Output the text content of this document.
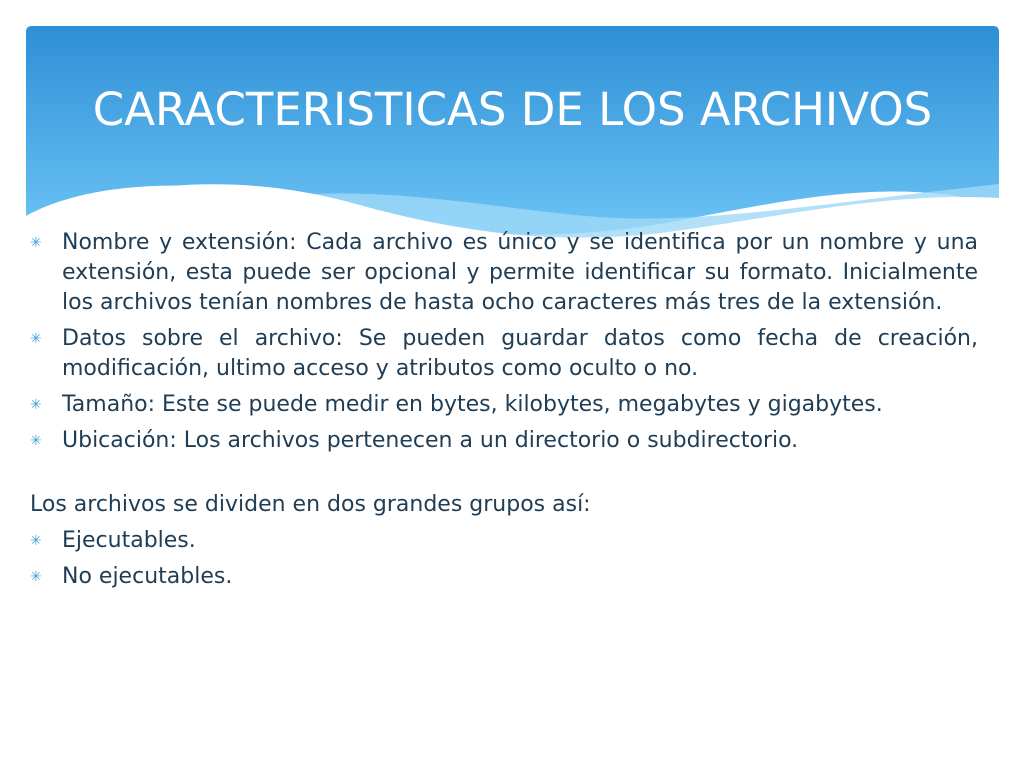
CARACTERISTICAS DE LOS ARCHIVOS
✳ Nombre y extensión: Cada archivo es único y se identifica por un nombre y una extensión, esta puede ser opcional y permite identificar su formato. Inicialmente los archivos tenían nombres de hasta ocho caracteres más tres de la extensión.
✳ Datos sobre el archivo: Se pueden guardar datos como fecha de creación, modificación, ultimo acceso y atributos como oculto o no.
✳ Tamaño: Este se puede medir en bytes, kilobytes, megabytes y gigabytes.
✳ Ubicación: Los archivos pertenecen a un directorio o subdirectorio.
Los archivos se dividen en dos grandes grupos así:
✳ Ejecutables.
✳ No ejecutables.
